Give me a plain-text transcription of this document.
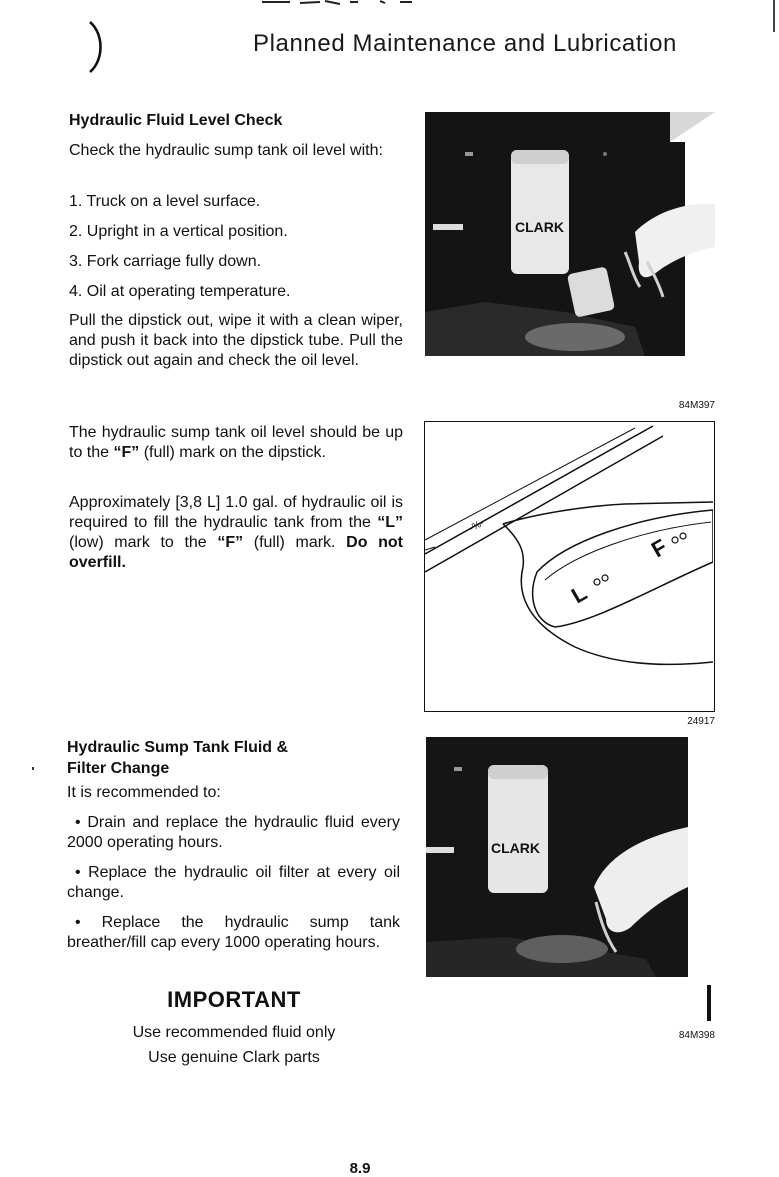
Planned Maintenance and Lubrication
Hydraulic Fluid Level Check
Check the hydraulic sump tank oil level with:
1. Truck on a level surface.
2. Upright in a vertical position.
3. Fork carriage fully down.
4. Oil at operating temperature.
Pull the dipstick out, wipe it with a clean wiper, and push it back into the dipstick tube. Pull the dipstick out again and check the oil level.
The hydraulic sump tank oil level should be up to the “F” (full) mark on the dipstick.
Approximately [3,8 L] 1.0 gal. of hydraulic oil is required to fill the hydraulic tank from the “L” (low) mark to the “F” (full) mark. Do not overfill.
CLARK
84M397
-%-
F
L
24917
Hydraulic Sump Tank Fluid &
Filter Change
It is recommended to:
• Drain and replace the hydraulic fluid every 2000 operating hours.
• Replace the hydraulic oil filter at every oil change.
• Replace the hydraulic sump tank breather/fill cap every 1000 operating hours.
CLARK
84M398
IMPORTANT
Use recommended fluid only
Use genuine Clark parts
8.9
